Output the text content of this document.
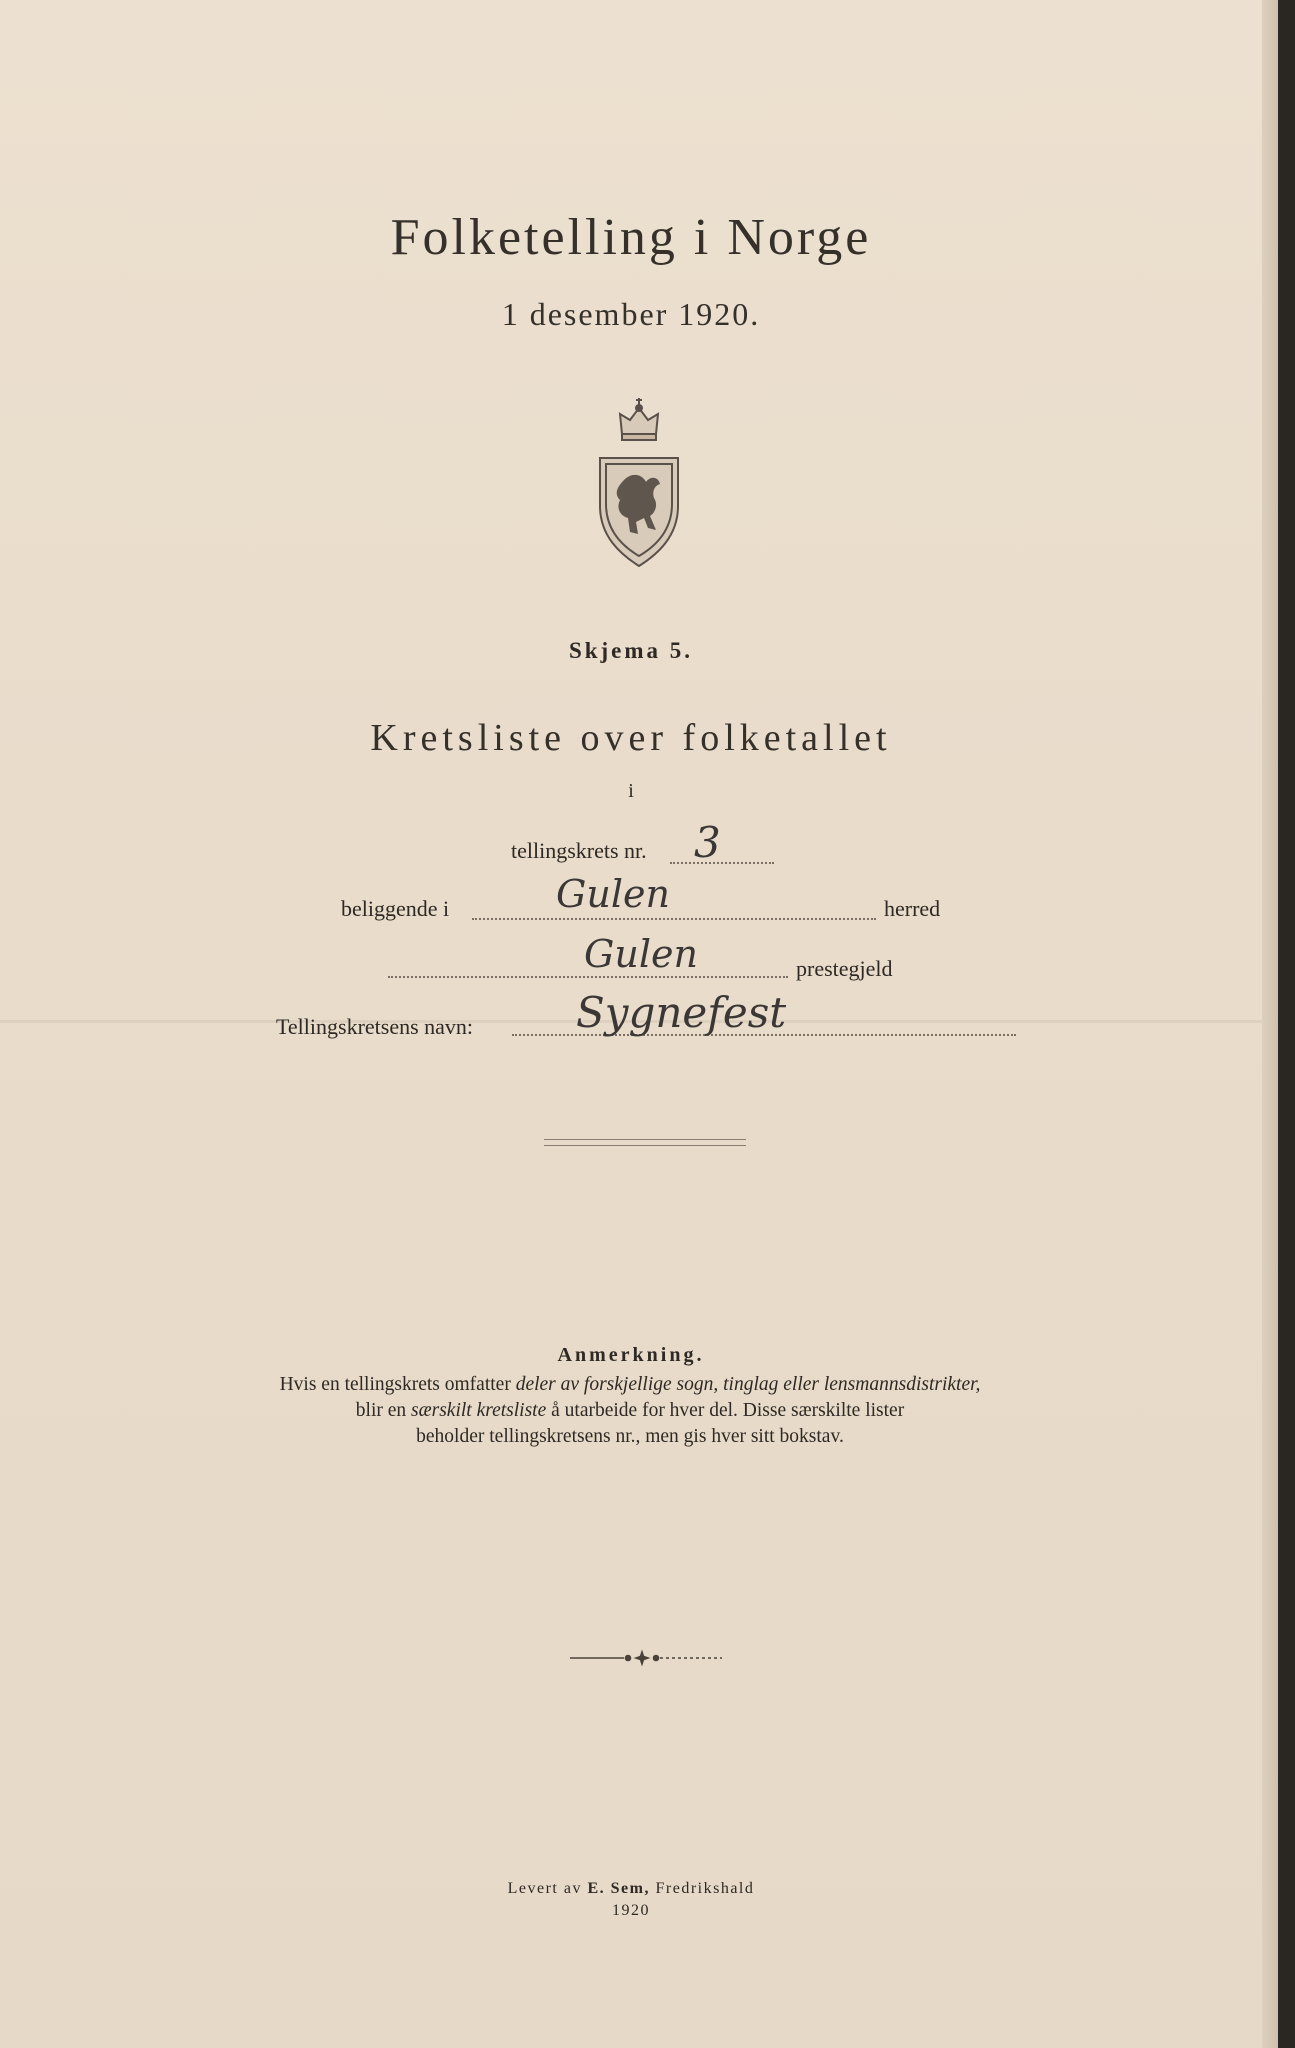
Folketelling i Norge
1 desember 1920.
Skjema 5.
Kretsliste over folketallet
i
tellingskrets nr. 3
beliggende i	Gulen	herred
Gulen	prestegjeld
Tellingskretsens navn: Sygnefest
Anmerkning.
Hvis en tellingskrets omfatter deler av forskjellige sogn, tinglag eller lensmannsdistrikter,
blir en særskilt kretsliste å utarbeide for hver del. Disse særskilte lister
beholder tellingskretsens nr., men gis hver sitt bokstav.
Levert av E. Sem, Fredrikshald
1920
